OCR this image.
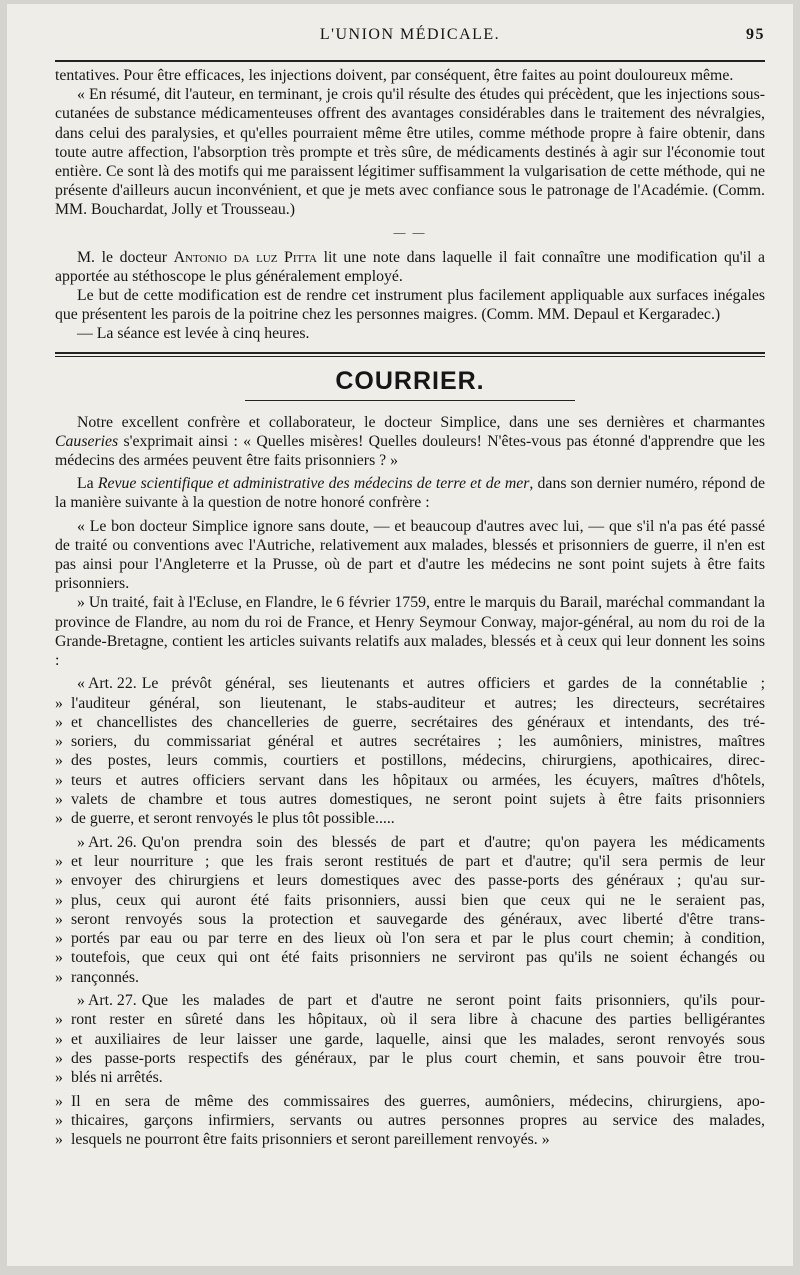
L'UNION MÉDICALE.	95

tentatives. Pour être efficaces, les injections doivent, par conséquent, être faites au point douloureux même.

« En résumé, dit l'auteur, en terminant, je crois qu'il résulte des études qui précèdent, que les injections sous-cutanées de substance médicamenteuses offrent des avantages considérables dans le traitement des névralgies, dans celui des paralysies, et qu'elles pourraient même être utiles, comme méthode propre à faire obtenir, dans toute autre affection, l'absorption très prompte et très sûre, de médicaments destinés à agir sur l'économie tout entière. Ce sont là des motifs qui me paraissent légitimer suffisamment la vulgarisation de cette méthode, qui ne présente d'ailleurs aucun inconvénient, et que je mets avec confiance sous le patronage de l'Académie. (Comm. MM. Bouchardat, Jolly et Trousseau.)

— —

M. le docteur Antonio da luz Pitta lit une note dans laquelle il fait connaître une modification qu'il a apportée au stéthoscope le plus généralement employé.

Le but de cette modification est de rendre cet instrument plus facilement appliquable aux surfaces inégales que présentent les parois de la poitrine chez les personnes maigres. (Comm. MM. Depaul et Kergaradec.)

— La séance est levée à cinq heures.

COURRIER.

Notre excellent confrère et collaborateur, le docteur Simplice, dans une ses dernières et charmantes Causeries s'exprimait ainsi : « Quelles misères! Quelles douleurs! N'êtes-vous pas étonné d'apprendre que les médecins des armées peuvent être faits prisonniers ? »

La Revue scientifique et administrative des médecins de terre et de mer, dans son dernier numéro, répond de la manière suivante à la question de notre honoré confrère :

« Le bon docteur Simplice ignore sans doute, — et beaucoup d'autres avec lui, — que s'il n'a pas été passé de traité ou conventions avec l'Autriche, relativement aux malades, blessés et prisonniers de guerre, il n'en est pas ainsi pour l'Angleterre et la Prusse, où de part et d'autre les médecins ne sont point sujets à être faits prisonniers.

» Un traité, fait à l'Ecluse, en Flandre, le 6 février 1759, entre le marquis du Barail, maréchal commandant la province de Flandre, au nom du roi de France, et Henry Seymour Conway, major-général, au nom du roi de la Grande-Bretagne, contient les articles suivants relatifs aux malades, blessés et à ceux qui leur donnent les soins :

« Art. 22. Le prévôt général, ses lieutenants et autres officiers et gardes de la connétablie ;
» l'auditeur général, son lieutenant, le stabs-auditeur et autres; les directeurs, secrétaires
» et chancellistes des chancelleries de guerre, secrétaires des généraux et intendants, des tré-
» soriers, du commissariat général et autres secrétaires ; les aumôniers, ministres, maîtres
» des postes, leurs commis, courtiers et postillons, médecins, chirurgiens, apothicaires, direc-
» teurs et autres officiers servant dans les hôpitaux ou armées, les écuyers, maîtres d'hôtels,
» valets de chambre et tous autres domestiques, ne seront point sujets à être faits prisonniers
» de guerre, et seront renvoyés le plus tôt possible.....
» Art. 26. Qu'on prendra soin des blessés de part et d'autre; qu'on payera les médicaments
» et leur nourriture ; que les frais seront restitués de part et d'autre; qu'il sera permis de leur
» envoyer des chirurgiens et leurs domestiques avec des passe-ports des généraux ; qu'au sur-
» plus, ceux qui auront été faits prisonniers, aussi bien que ceux qui ne le seraient pas,
» seront renvoyés sous la protection et sauvegarde des généraux, avec liberté d'être trans-
» portés par eau ou par terre en des lieux où l'on sera et par le plus court chemin; à condition,
» toutefois, que ceux qui ont été faits prisonniers ne serviront pas qu'ils ne soient échangés ou
» rançonnés.
» Art. 27. Que les malades de part et d'autre ne seront point faits prisonniers, qu'ils pour-
» ront rester en sûreté dans les hôpitaux, où il sera libre à chacune des parties belligérantes
» et auxiliaires de leur laisser une garde, laquelle, ainsi que les malades, seront renvoyés sous
» des passe-ports respectifs des généraux, par le plus court chemin, et sans pouvoir être trou-
» blés ni arrêtés.
» Il en sera de même des commissaires des guerres, aumôniers, médecins, chirurgiens, apo-
» thicaires, garçons infirmiers, servants ou autres personnes propres au service des malades,
» lesquels ne pourront être faits prisonniers et seront pareillement renvoyés. »
